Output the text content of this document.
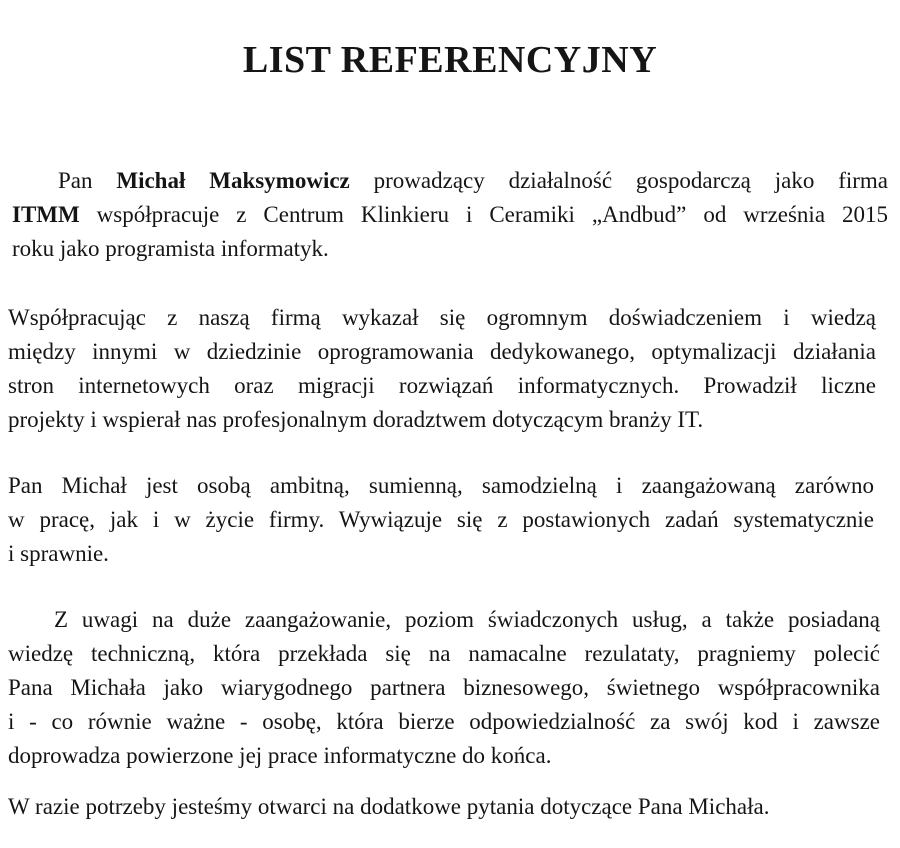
LIST REFERENCYJNY
Pan Michał Maksymowicz prowadzący działalność gospodarczą jako firma
ITMM współpracuje z Centrum Klinkieru i Ceramiki „Andbud” od września 2015
roku jako programista informatyk.
Współpracując z naszą firmą wykazał się ogromnym doświadczeniem i wiedzą
między innymi w dziedzinie oprogramowania dedykowanego, optymalizacji działania
stron internetowych oraz migracji rozwiązań informatycznych. Prowadził liczne
projekty i wspierał nas profesjonalnym doradztwem dotyczącym branży IT.
Pan Michał jest osobą ambitną, sumienną, samodzielną i zaangażowaną zarówno
w pracę, jak i w życie firmy. Wywiązuje się z postawionych zadań systematycznie
i sprawnie.
Z uwagi na duże zaangażowanie, poziom świadczonych usług, a także posiadaną
wiedzę techniczną, która przekłada się na namacalne rezulataty, pragniemy polecić
Pana Michała jako wiarygodnego partnera biznesowego, świetnego współpracownika
i - co równie ważne - osobę, która bierze odpowiedzialność za swój kod i zawsze
doprowadza powierzone jej prace informatyczne do końca.
W razie potrzeby jesteśmy otwarci na dodatkowe pytania dotyczące Pana Michała.
